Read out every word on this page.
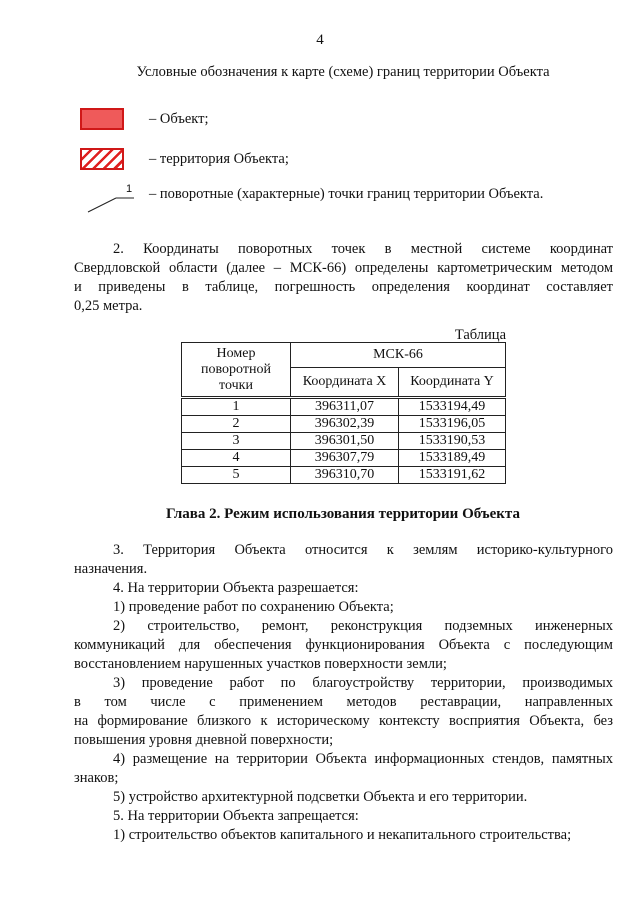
4
Условные обозначения к карте (схеме) границ территории Объекта
– Объект;
– территория Объекта;
1 – поворотные (характерные) точки границ территории Объекта.
2. Координаты поворотных точек в местной системе координат
Свердловской области (далее – МСК-66) определены картометрическим методом
и приведены в таблице, погрешность определения координат составляет
0,25 метра.
Таблица
Номер
поворотной
точки	МСК-66	
	Координата X	Координата Y
1	396311,07	1533194,49
2	396302,39	1533196,05
3	396301,50	1533190,53
4	396307,79	1533189,49
5	396310,70	1533191,62
Глава 2. Режим использования территории Объекта
3. Территория Объекта относится к землям историко-культурного
назначения.
4. На территории Объекта разрешается:
1) проведение работ по сохранению Объекта;
2) строительство, ремонт, реконструкция подземных инженерных
коммуникаций для обеспечения функционирования Объекта с последующим
восстановлением нарушенных участков поверхности земли;
3) проведение работ по благоустройству территории, производимых
в том числе с применением методов реставрации, направленных
на формирование близкого к историческому контексту восприятия Объекта, без
повышения уровня дневной поверхности;
4) размещение на территории Объекта информационных стендов, памятных
знаков;
5) устройство архитектурной подсветки Объекта и его территории.
5. На территории Объекта запрещается:
1) строительство объектов капитального и некапитального строительства;
